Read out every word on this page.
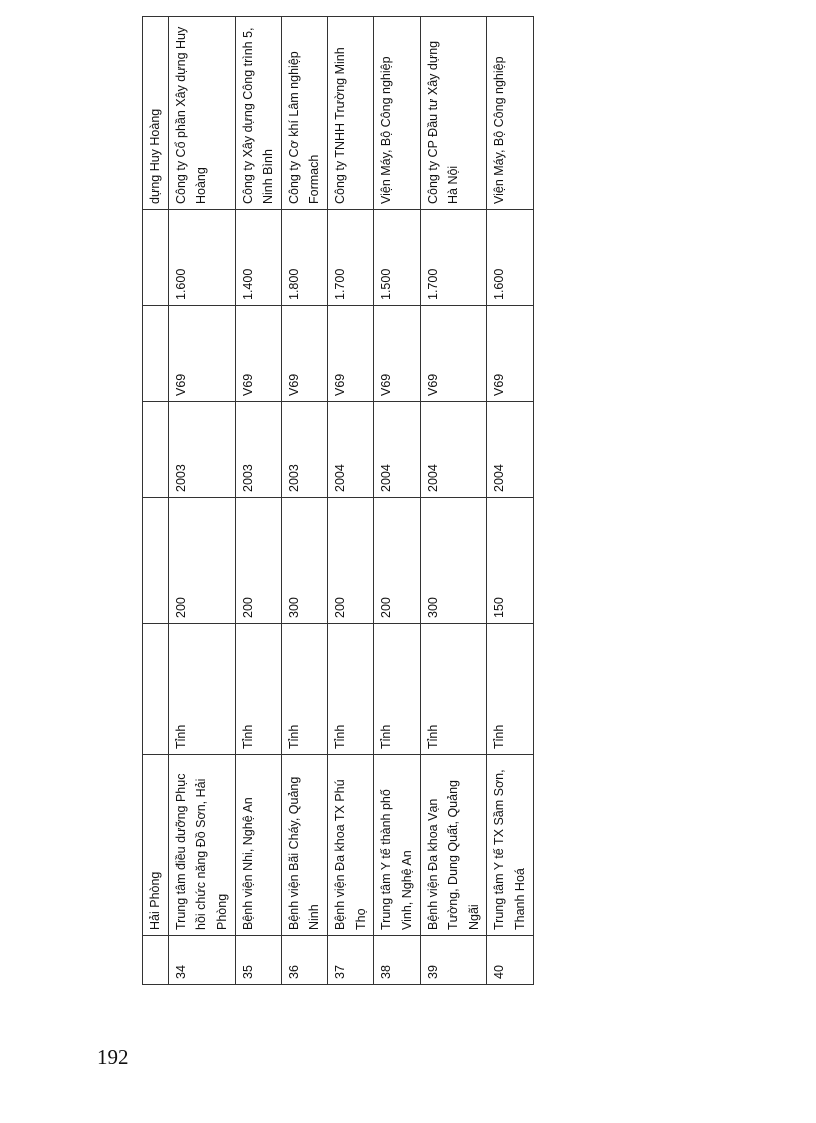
192
	Hải Phòng						dựng Huy Hoàng
34	Trung tâm điều dưỡng Phục hồi chức năng Đồ Sơn, Hải Phòng	Tỉnh	200	2003	V69	1.600	Công ty Cổ phần Xây dựng Huy Hoàng
35	Bệnh viện Nhi, Nghệ An	Tỉnh	200	2003	V69	1.400	Công ty Xây dựng Công trình 5, Ninh Bình
36	Bệnh viện Bãi Cháy, Quảng Ninh	Tỉnh	300	2003	V69	1.800	Công ty Cơ khí Lâm nghiệp Formach
37	Bệnh viện Đa khoa TX Phú Thọ	Tỉnh	200	2004	V69	1.700	Công ty TNHH Trường Minh
38	Trung tâm Y tế thành phố Vinh, Nghệ An	Tỉnh	200	2004	V69	1.500	Viện Máy, Bộ Công nghiệp
39	Bệnh viện Đa khoa Vạn Tường, Dung Quất, Quảng Ngãi	Tỉnh	300	2004	V69	1.700	Công ty CP Đầu tư Xây dựng Hà Nội
40	Trung tâm Y tế TX Sầm Sơn, Thanh Hoá	Tỉnh	150	2004	V69	1.600	Viện Máy, Bộ Công nghiệp
